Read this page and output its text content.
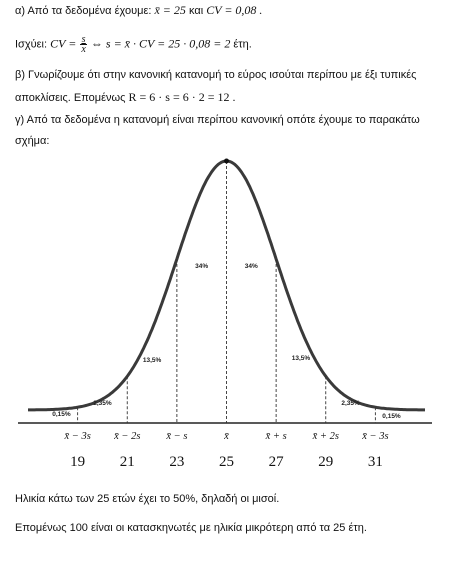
α) Από τα δεδομένα έχουμε: x̄ = 25 και CV = 0,08 .
Ισχύει: CV = $\frac{s}{x}$ ⇔ s = x̄ · CV = 25 · 0,08 = 2 έτη.
β) Γνωρίζουμε ότι στην κανονική κατανομή το εύρος ισούται περίπου με έξι τυπικές
αποκλίσεις. Επομένως R = 6 · s = 6 · 2 = 12 .
γ) Από τα δεδομένα η κατανομή είναι περίπου κανονική οπότε έχουμε το παρακάτω
σχήμα:
0,15%
2,35%
13,5%
34%	34%
13,5%
2,35%
0,15%
x̄ − 3s x̄ − 2s x̄ − s	x̄	x̄ + s x̄ + 2s x̄ − 3s
19 21 23 25 27 29 31
Ηλικία κάτω των 25 ετών έχει το 50%, δηλαδή οι μισοί.
Επομένως 100 είναι οι κατασκηνωτές με ηλικία μικρότερη από τα 25 έτη.
